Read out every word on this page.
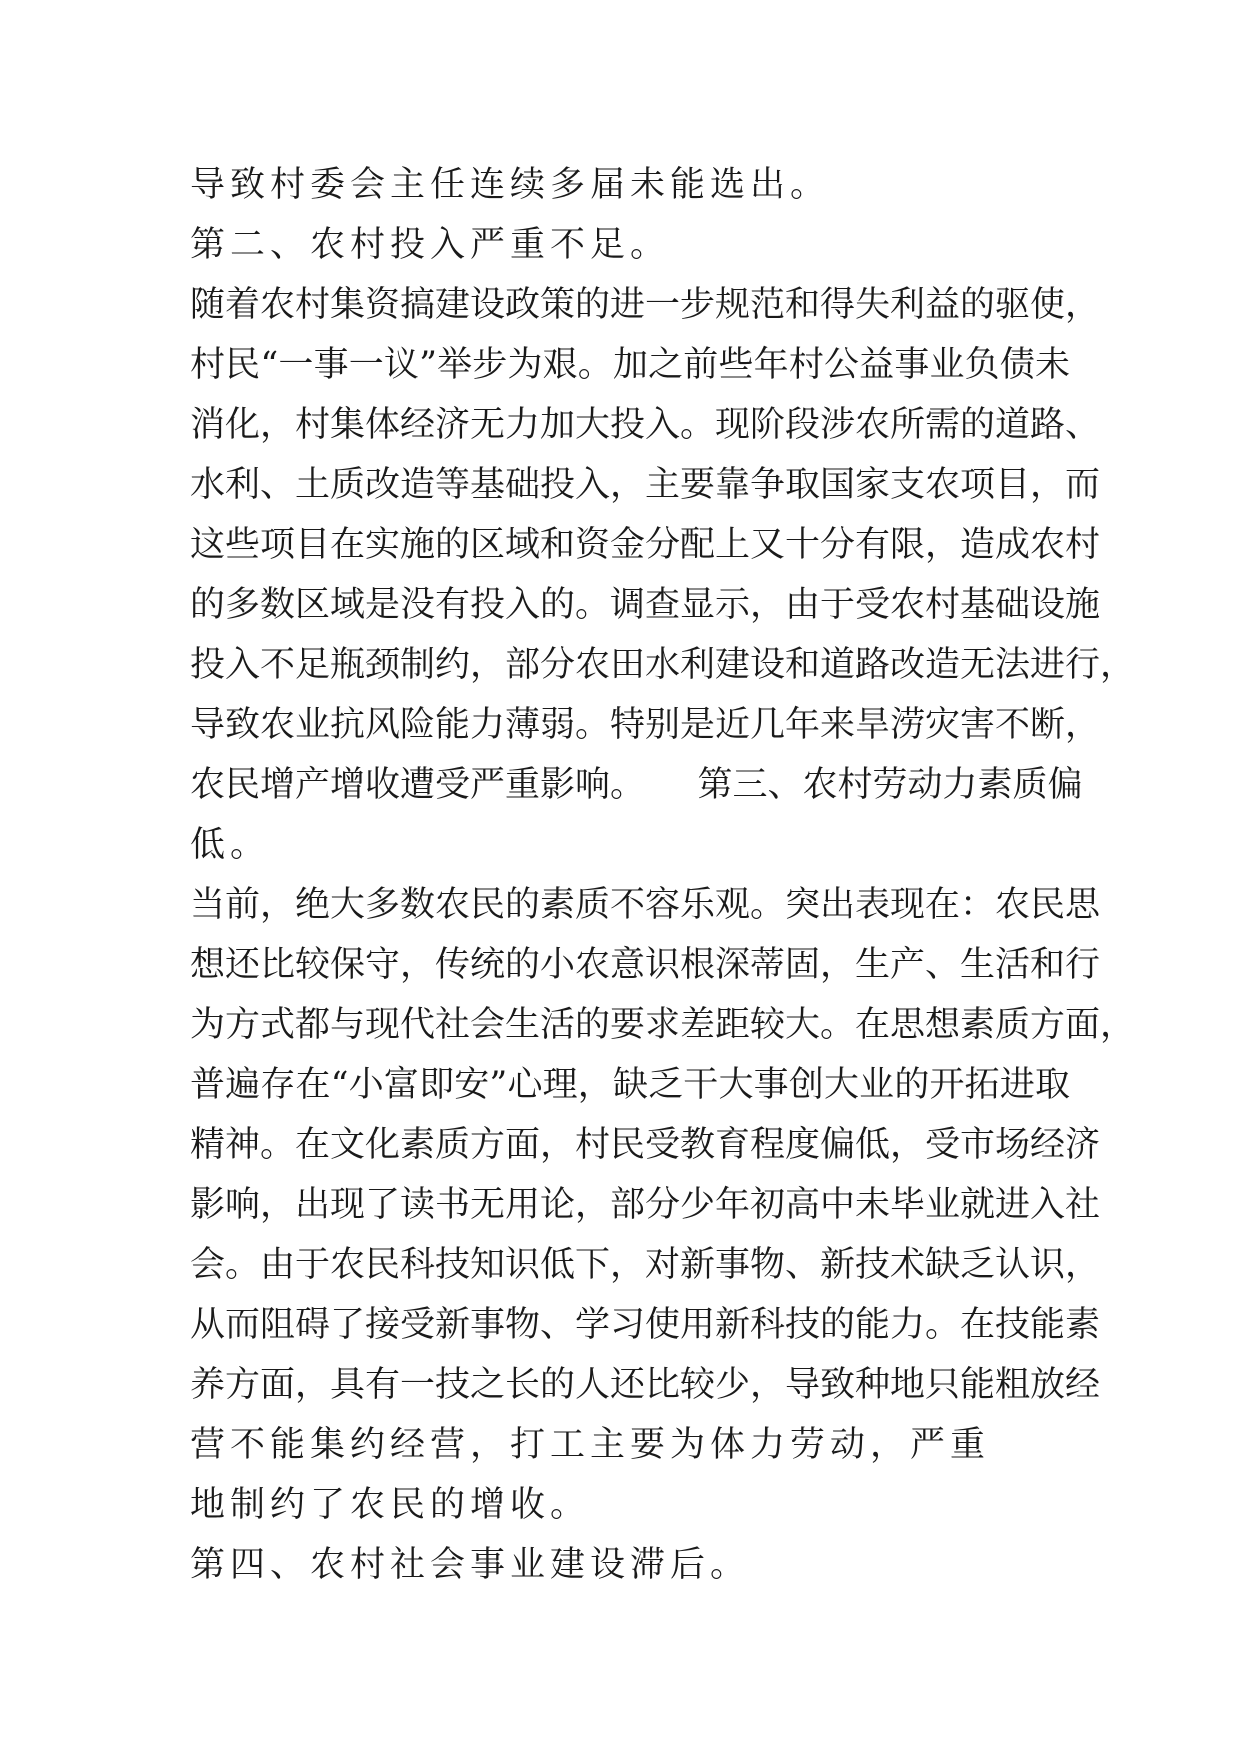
导致村委会主任连续多届未能选出。
第二、农村投入严重不足。
随着农村集资搞建设政策的进一步规范和得失利益的驱使，
村民“一事一议”举步为艰。加之前些年村公益事业负债未
消化，村集体经济无力加大投入。现阶段涉农所需的道路、
水利、土质改造等基础投入，主要靠争取国家支农项目，而
这些项目在实施的区域和资金分配上又十分有限，造成农村
的多数区域是没有投入的。调查显示，由于受农村基础设施
投入不足瓶颈制约，部分农田水利建设和道路改造无法进行，
导致农业抗风险能力薄弱。特别是近几年来旱涝灾害不断，
农民增产增收遭受严重影响。　　第三、农村劳动力素质偏
低。
当前，绝大多数农民的素质不容乐观。突出表现在：农民思
想还比较保守，传统的小农意识根深蒂固，生产、生活和行
为方式都与现代社会生活的要求差距较大。在思想素质方面，
普遍存在“小富即安”心理，缺乏干大事创大业的开拓进取
精神。在文化素质方面，村民受教育程度偏低，受市场经济
影响，出现了读书无用论，部分少年初高中未毕业就进入社
会。由于农民科技知识低下，对新事物、新技术缺乏认识，
从而阻碍了接受新事物、学习使用新科技的能力。在技能素
养方面，具有一技之长的人还比较少，导致种地只能粗放经
营不能集约经营，打工主要为体力劳动，严重
地制约了农民的增收。
第四、农村社会事业建设滞后。
